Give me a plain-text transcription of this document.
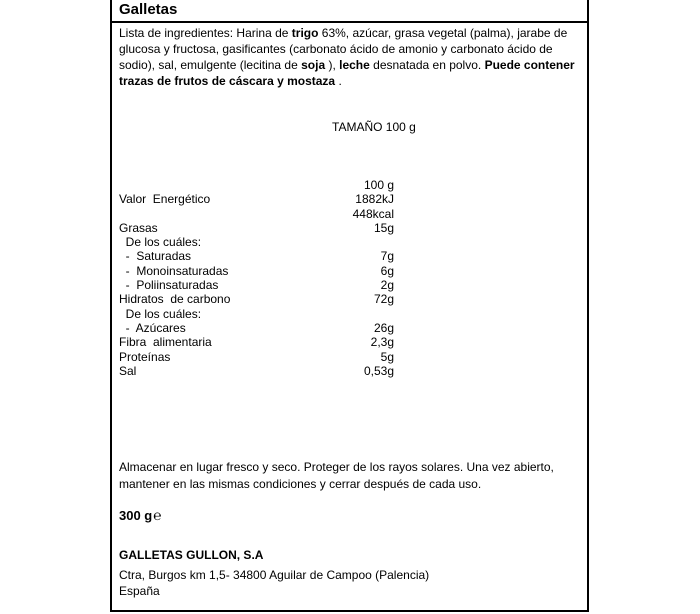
Galletas
Lista de ingredientes: Harina de trigo 63%, azúcar, grasa vegetal (palma), jarabe de glucosa y fructosa, gasificantes (carbonato ácido de amonio y carbonato ácido de sodio), sal, emulgente (lecitina de soja ), leche desnatada en polvo. Puede contener trazas de frutos de cáscara y mostaza .
TAMAÑO 100 g
100 g
Valor  Energético	1882kJ
448kcal
Grasas	15g
De los cuáles:
-  Saturadas	7g
-  Monoinsaturadas	6g
-  Poliinsaturadas	2g
Hidratos  de carbono	72g
De los cuáles:
-  Azúcares	26g
Fibra  alimentaria	2,3g
Proteínas	5g
Sal	0,53g
Almacenar en lugar fresco y seco. Proteger de los rayos solares. Una vez abierto, mantener en las mismas condiciones y cerrar después de cada uso.
300 g℮
GALLETAS GULLON, S.A
Ctra, Burgos km 1,5- 34800 Aguilar de Campoo (Palencia)
España
